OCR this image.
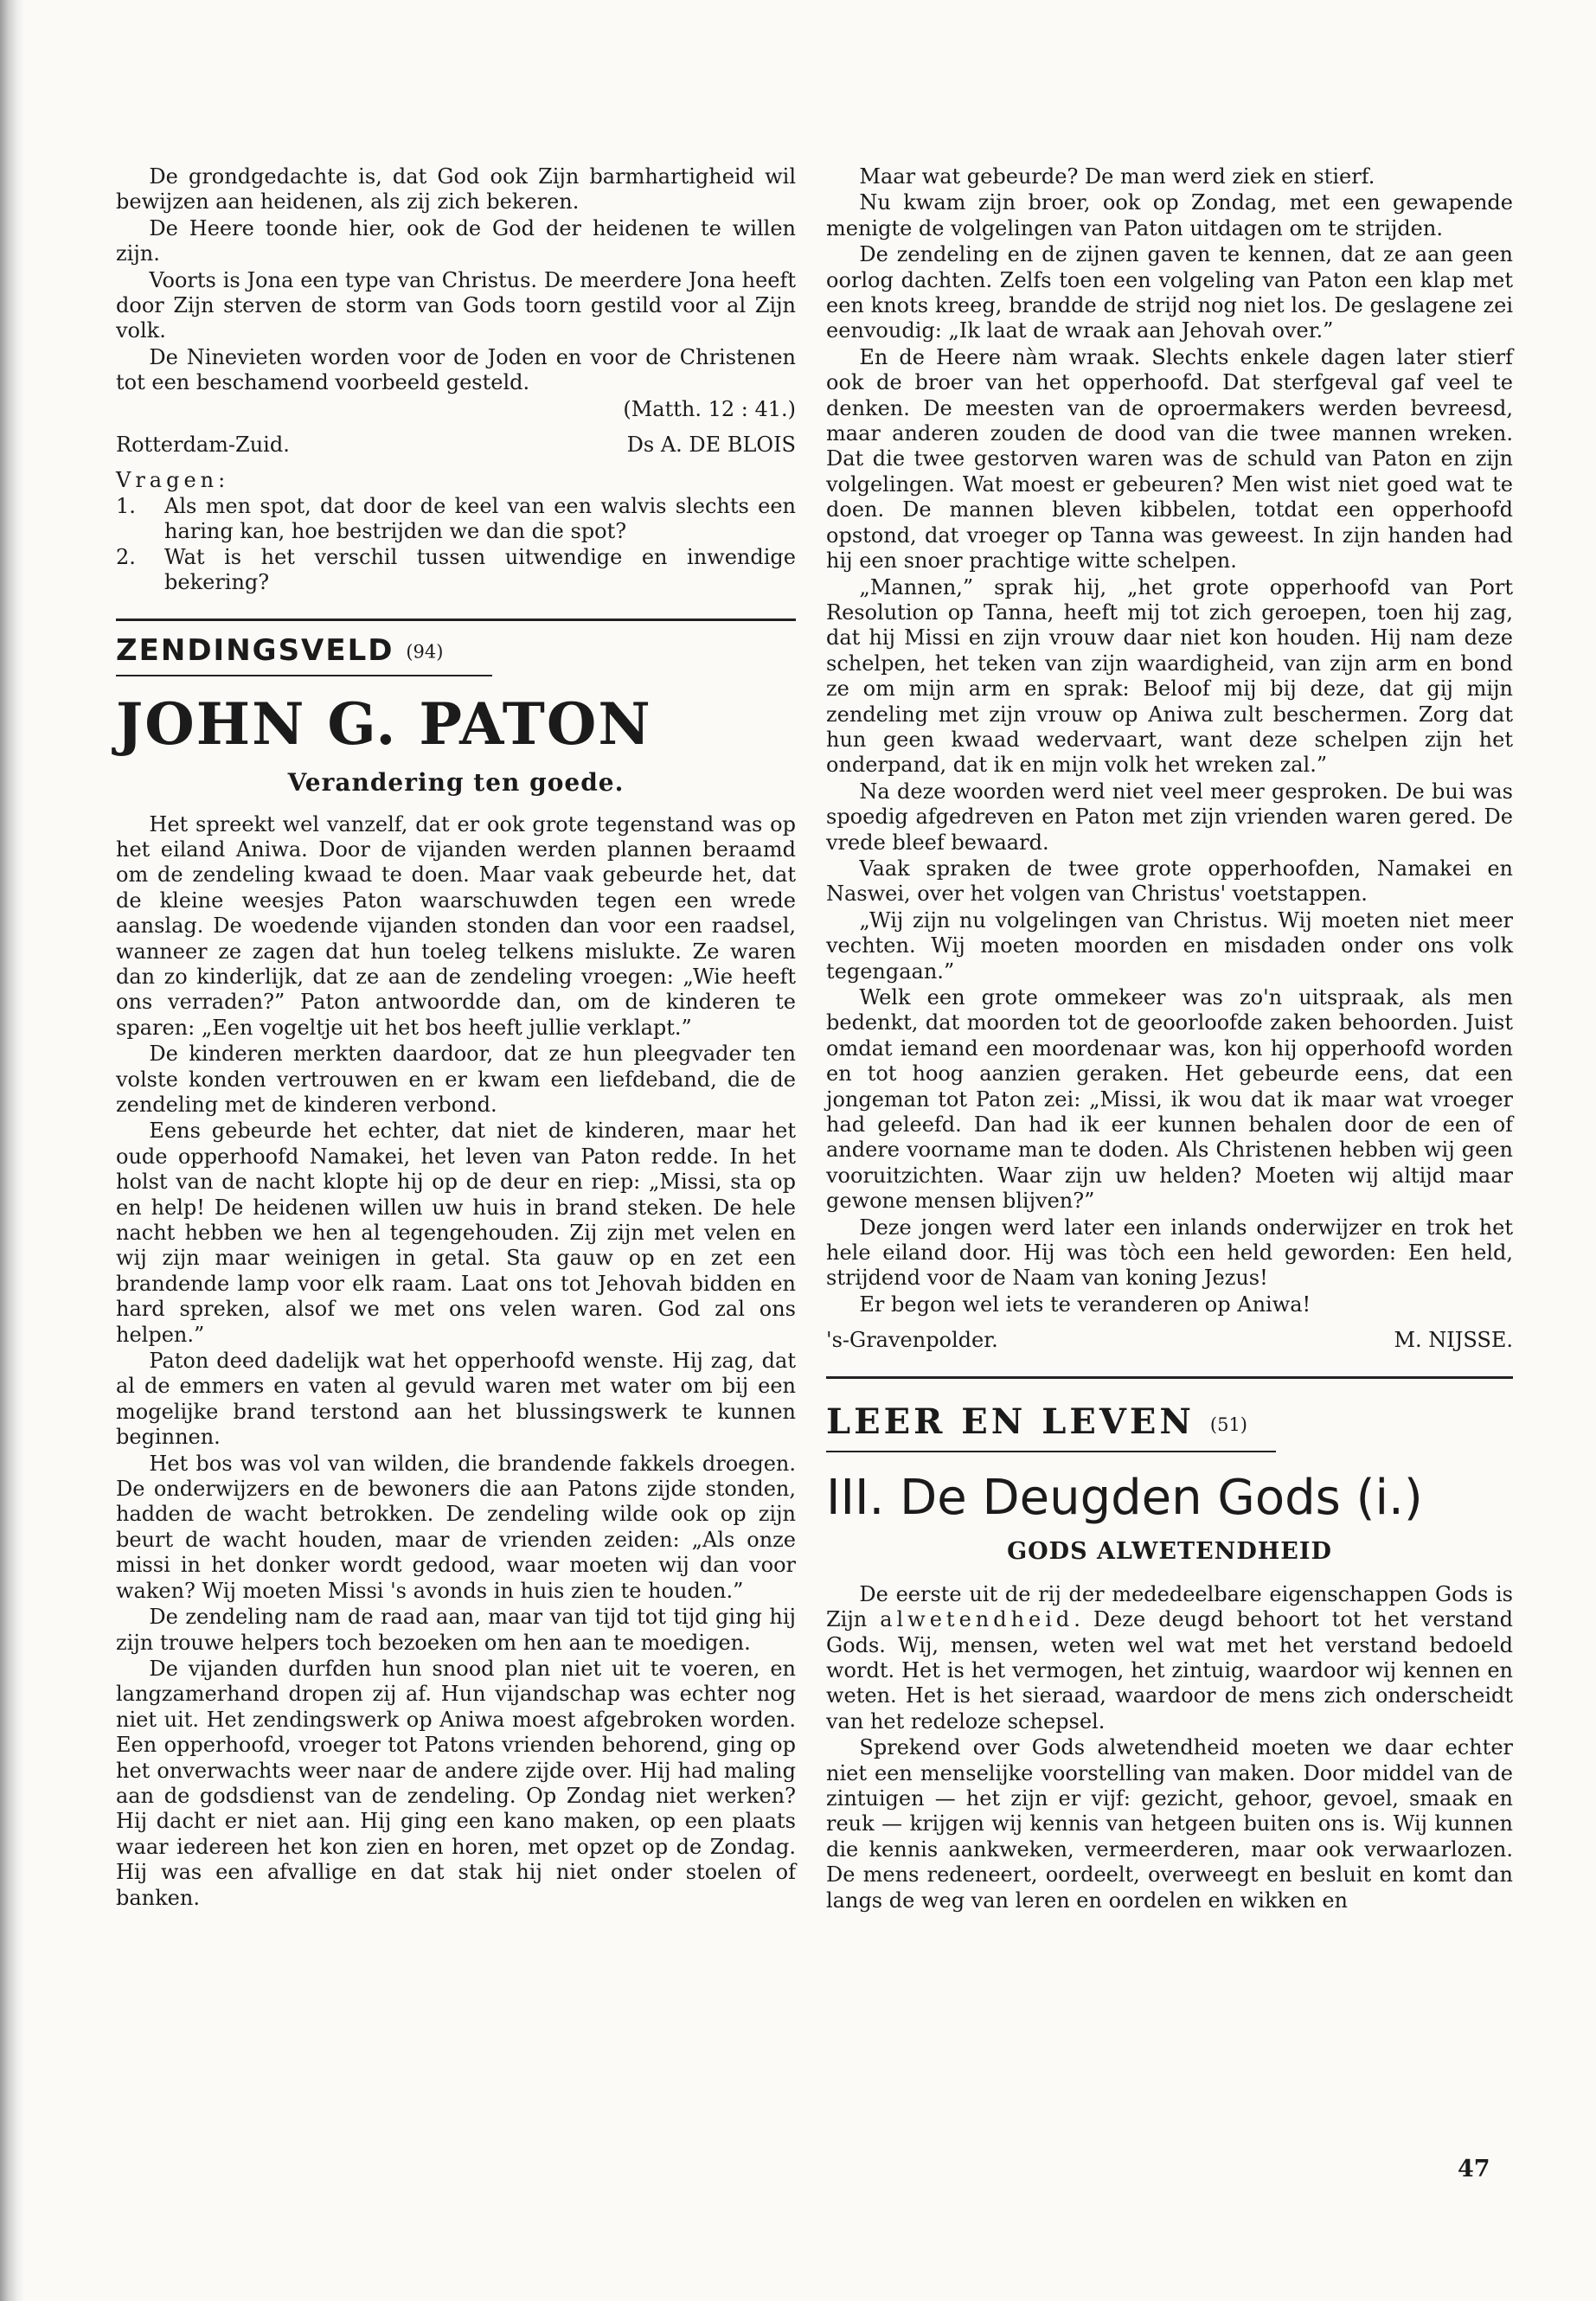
De grondgedachte is, dat God ook Zijn barmhartigheid wil bewijzen aan heidenen, als zij zich bekeren.

De Heere toonde hier, ook de God der heidenen te willen zijn.

Voorts is Jona een type van Christus. De meerdere Jona heeft door Zijn sterven de storm van Gods toorn gestild voor al Zijn volk.

De Ninevieten worden voor de Joden en voor de Christenen tot een beschamend voorbeeld gesteld.

(Matth. 12 : 41.)
Rotterdam-Zuid.	Ds A. DE BLOIS
Vragen:
1. Als men spot, dat door de keel van een walvis slechts een haring kan, hoe bestrijden we dan die spot?
2. Wat is het verschil tussen uitwendige en inwendige bekering?
ZENDINGSVELD (94)
JOHN G. PATON
Verandering ten goede.

Het spreekt wel vanzelf, dat er ook grote tegenstand was op het eiland Aniwa. Door de vijanden werden plannen beraamd om de zendeling kwaad te doen. Maar vaak gebeurde het, dat de kleine weesjes Paton waarschuwden tegen een wrede aanslag. De woedende vijanden stonden dan voor een raadsel, wanneer ze zagen dat hun toeleg telkens mislukte. Ze waren dan zo kinderlijk, dat ze aan de zendeling vroegen: „Wie heeft ons verraden?” Paton antwoordde dan, om de kinderen te sparen: „Een vogeltje uit het bos heeft jullie verklapt.”

De kinderen merkten daardoor, dat ze hun pleegvader ten volste konden vertrouwen en er kwam een liefdeband, die de zendeling met de kinderen verbond.

Eens gebeurde het echter, dat niet de kinderen, maar het oude opperhoofd Namakei, het leven van Paton redde. In het holst van de nacht klopte hij op de deur en riep: „Missi, sta op en help! De heidenen willen uw huis in brand steken. De hele nacht hebben we hen al tegengehouden. Zij zijn met velen en wij zijn maar weinigen in getal. Sta gauw op en zet een brandende lamp voor elk raam. Laat ons tot Jehovah bidden en hard spreken, alsof we met ons velen waren. God zal ons helpen.”

Paton deed dadelijk wat het opperhoofd wenste. Hij zag, dat al de emmers en vaten al gevuld waren met water om bij een mogelijke brand terstond aan het blussingswerk te kunnen beginnen.

Het bos was vol van wilden, die brandende fakkels droegen. De onderwijzers en de bewoners die aan Patons zijde stonden, hadden de wacht betrokken. De zendeling wilde ook op zijn beurt de wacht houden, maar de vrienden zeiden: „Als onze missi in het donker wordt gedood, waar moeten wij dan voor waken? Wij moeten Missi 's avonds in huis zien te houden.”

De zendeling nam de raad aan, maar van tijd tot tijd ging hij zijn trouwe helpers toch bezoeken om hen aan te moedigen.

De vijanden durfden hun snood plan niet uit te voeren, en langzamerhand dropen zij af. Hun vijandschap was echter nog niet uit. Het zendingswerk op Aniwa moest afgebroken worden. Een opperhoofd, vroeger tot Patons vrienden behorend, ging op het onverwachts weer naar de andere zijde over. Hij had maling aan de godsdienst van de zendeling. Op Zondag niet werken? Hij dacht er niet aan. Hij ging een kano maken, op een plaats waar iedereen het kon zien en horen, met opzet op de Zondag. Hij was een afvallige en dat stak hij niet onder stoelen of banken.

Maar wat gebeurde? De man werd ziek en stierf.

Nu kwam zijn broer, ook op Zondag, met een gewapende menigte de volgelingen van Paton uitdagen om te strijden.

De zendeling en de zijnen gaven te kennen, dat ze aan geen oorlog dachten. Zelfs toen een volgeling van Paton een klap met een knots kreeg, brandde de strijd nog niet los. De geslagene zei eenvoudig: „Ik laat de wraak aan Jehovah over.”

En de Heere nàm wraak. Slechts enkele dagen later stierf ook de broer van het opperhoofd. Dat sterfgeval gaf veel te denken. De meesten van de oproermakers werden bevreesd, maar anderen zouden de dood van die twee mannen wreken. Dat die twee gestorven waren was de schuld van Paton en zijn volgelingen. Wat moest er gebeuren? Men wist niet goed wat te doen. De mannen bleven kibbelen, totdat een opperhoofd opstond, dat vroeger op Tanna was geweest. In zijn handen had hij een snoer prachtige witte schelpen.

„Mannen,” sprak hij, „het grote opperhoofd van Port Resolution op Tanna, heeft mij tot zich geroepen, toen hij zag, dat hij Missi en zijn vrouw daar niet kon houden. Hij nam deze schelpen, het teken van zijn waardigheid, van zijn arm en bond ze om mijn arm en sprak: Beloof mij bij deze, dat gij mijn zendeling met zijn vrouw op Aniwa zult beschermen. Zorg dat hun geen kwaad wedervaart, want deze schelpen zijn het onderpand, dat ik en mijn volk het wreken zal.”

Na deze woorden werd niet veel meer gesproken. De bui was spoedig afgedreven en Paton met zijn vrienden waren gered. De vrede bleef bewaard.

Vaak spraken de twee grote opperhoofden, Namakei en Naswei, over het volgen van Christus' voetstappen.

„Wij zijn nu volgelingen van Christus. Wij moeten niet meer vechten. Wij moeten moorden en misdaden onder ons volk tegengaan.”

Welk een grote ommekeer was zo'n uitspraak, als men bedenkt, dat moorden tot de geoorloofde zaken behoorden. Juist omdat iemand een moordenaar was, kon hij opperhoofd worden en tot hoog aanzien geraken. Het gebeurde eens, dat een jongeman tot Paton zei: „Missi, ik wou dat ik maar wat vroeger had geleefd. Dan had ik eer kunnen behalen door de een of andere voorname man te doden. Als Christenen hebben wij geen vooruitzichten. Waar zijn uw helden? Moeten wij altijd maar gewone mensen blijven?”

Deze jongen werd later een inlands onderwijzer en trok het hele eiland door. Hij was tòch een held geworden: Een held, strijdend voor de Naam van koning Jezus!

Er begon wel iets te veranderen op Aniwa!

's-Gravenpolder.	M. NIJSSE.
LEER EN LEVEN (51)
III. De Deugden Gods (i.)
GODS ALWETENDHEID

De eerste uit de rij der mededeelbare eigenschappen Gods is Zijn alwetendheid. Deze deugd behoort tot het verstand Gods. Wij, mensen, weten wel wat met het verstand bedoeld wordt. Het is het vermogen, het zintuig, waardoor wij kennen en weten. Het is het sieraad, waardoor de mens zich onderscheidt van het redeloze schepsel.

Sprekend over Gods alwetendheid moeten we daar echter niet een menselijke voorstelling van maken. Door middel van de zintuigen — het zijn er vijf: gezicht, gehoor, gevoel, smaak en reuk — krijgen wij kennis van hetgeen buiten ons is. Wij kunnen die kennis aankweken, vermeerderen, maar ook verwaarlozen. De mens redeneert, oordeelt, overweegt en besluit en komt dan langs de weg van leren en oordelen en wikken en

47
